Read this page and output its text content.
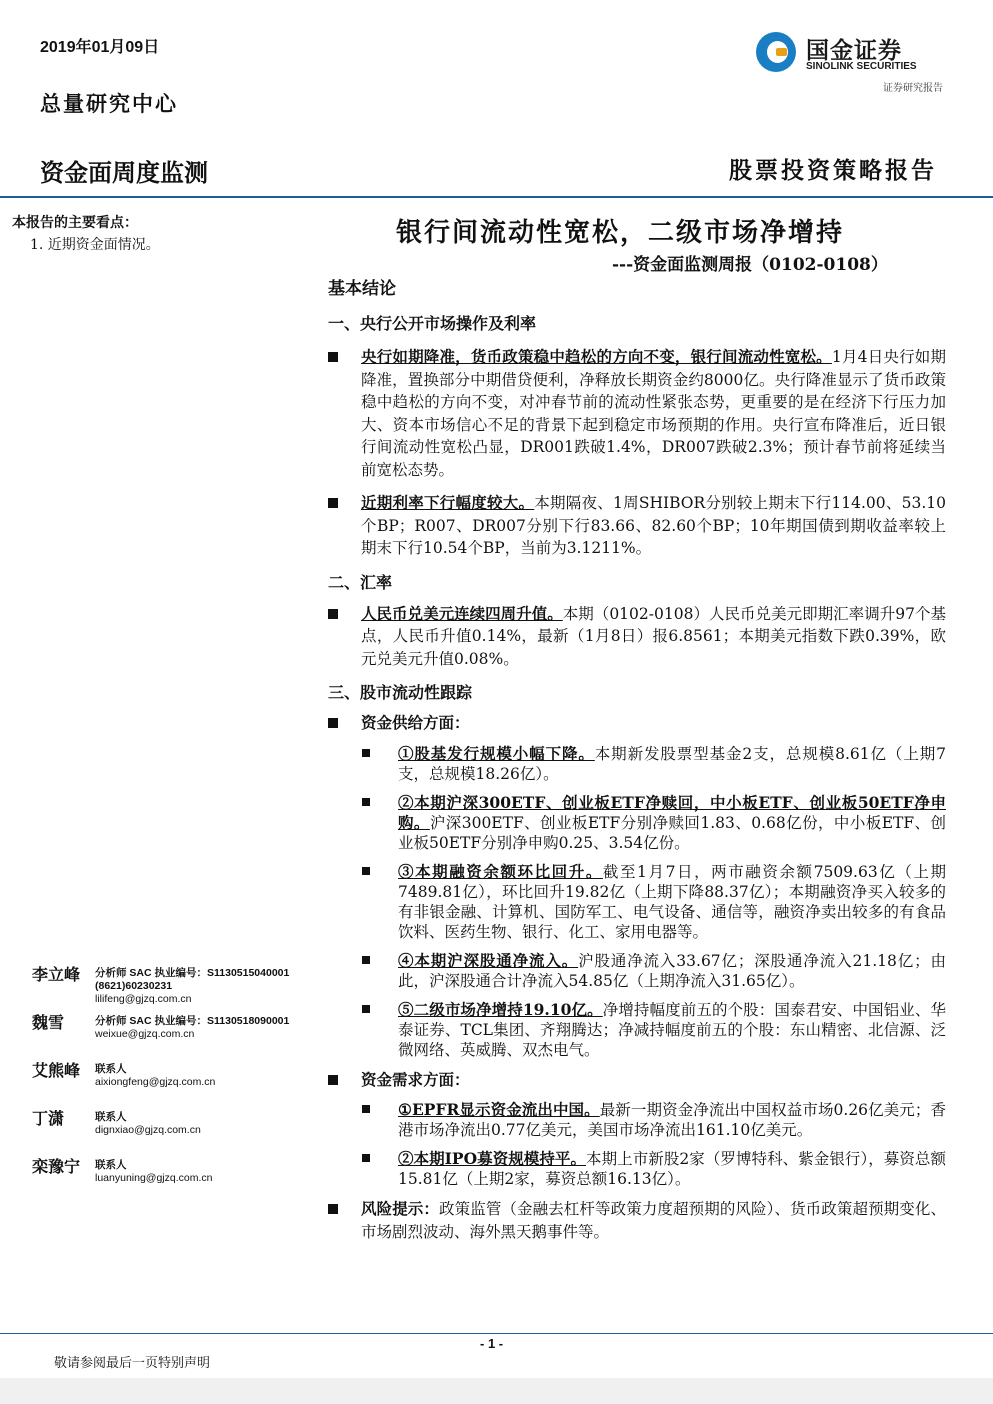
2019年01月09日
总量研究中心
资金面周度监测	股票投资策略报告
国金证券
SINOLINK SECURITIES
证券研究报告
本报告的主要看点：
1. 近期资金面情况。	银行间流动性宽松，二级市场净增持
---资金面监测周报（0102-0108）
基本结论
一、央行公开市场操作及利率
央行如期降准，货币政策稳中趋松的方向不变，银行间流动性宽松。1月4日央行如期降准，置换部分中期借贷便利，净释放长期资金约8000亿。央行降准显示了货币政策稳中趋松的方向不变，对冲春节前的流动性紧张态势，更重要的是在经济下行压力加大、资本市场信心不足的背景下起到稳定市场预期的作用。央行宣布降准后，近日银行间流动性宽松凸显，DR001跌破1.4%，DR007跌破2.3%；预计春节前将延续当前宽松态势。
近期利率下行幅度较大。本期隔夜、1周SHIBOR分别较上期末下行114.00、53.10个BP；R007、DR007分别下行83.66、82.60个BP；10年期国债到期收益率较上期末下行10.54个BP，当前为3.1211%。
二、汇率
人民币兑美元连续四周升值。本期（0102-0108）人民币兑美元即期汇率调升97个基点，人民币升值0.14%，最新（1月8日）报6.8561；本期美元指数下跌0.39%，欧元兑美元升值0.08%。
三、股市流动性跟踪
资金供给方面：
①股基发行规模小幅下降。本期新发股票型基金2支，总规模8.61亿（上期7支，总规模18.26亿）。
②本期沪深300ETF、创业板ETF净赎回，中小板ETF、创业板50ETF净申购。沪深300ETF、创业板ETF分别净赎回1.83、0.68亿份，中小板ETF、创业板50ETF分别净申购0.25、3.54亿份。
③本期融资余额环比回升。截至1月7日，两市融资余额7509.63亿（上期7489.81亿），环比回升19.82亿（上期下降88.37亿）；本期融资净买入较多的有非银金融、计算机、国防军工、电气设备、通信等，融资净卖出较多的有食品饮料、医药生物、银行、化工、家用电器等。
④本期沪深股通净流入。沪股通净流入33.67亿；深股通净流入21.18亿；由此，沪深股通合计净流入54.85亿（上期净流入31.65亿）。
⑤二级市场净增持19.10亿。净增持幅度前五的个股：国泰君安、中国铝业、华泰证券、TCL集团、齐翔腾达；净减持幅度前五的个股：东山精密、北信源、泛微网络、英威腾、双杰电气。
资金需求方面：
①EPFR显示资金流出中国。最新一期资金净流出中国权益市场0.26亿美元；香港市场净流出0.77亿美元，美国市场净流出161.10亿美元。
②本期IPO募资规模持平。本期上市新股2家（罗博特科、紫金银行），募资总额15.81亿（上期2家，募资总额16.13亿）。
风险提示：政策监管（金融去杠杆等政策力度超预期的风险）、货币政策超预期变化、市场剧烈波动、海外黑天鹅事件等。
李立峰 分析师 SAC 执业编号：S1130515040001
(8621)60230231
lilifeng@gjzq.com.cn
魏雪	分析师 SAC 执业编号：S1130518090001
weixue@gjzq.com.cn
艾熊峰 联系人
aixiongfeng@gjzq.com.cn
丁潇	联系人
dignxiao@gjzq.com.cn
栾豫宁 联系人
luanyuning@gjzq.com.cn
- 1 -
敬请参阅最后一页特别声明
